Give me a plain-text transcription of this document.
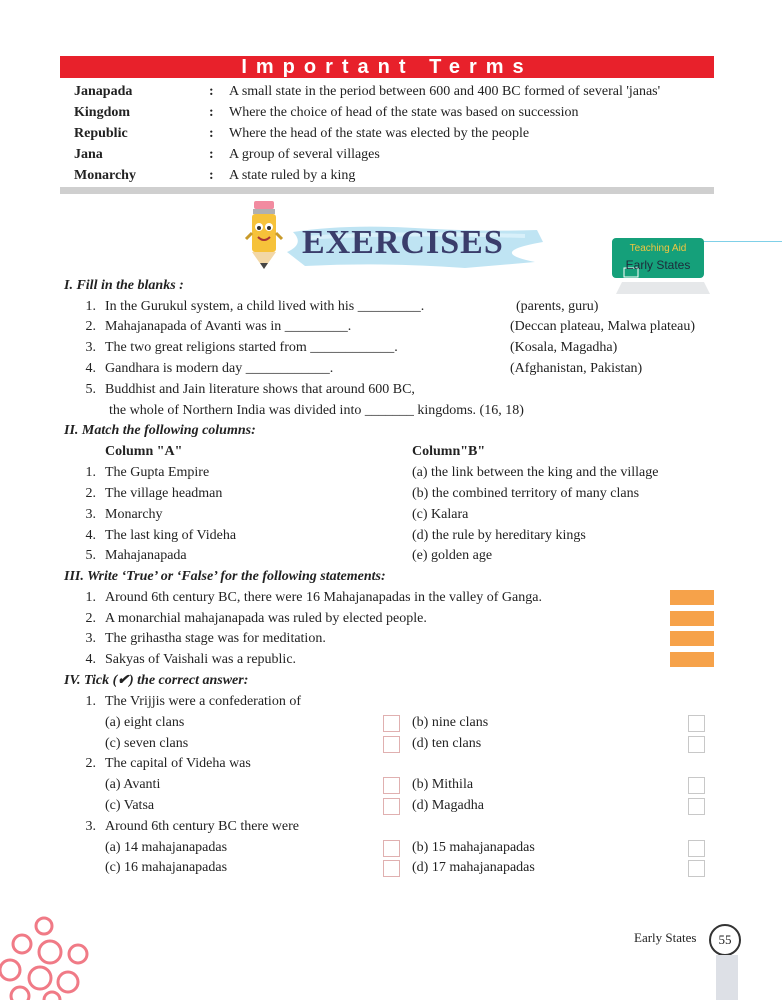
Important Terms
Janapada	: A small state in the period between 600 and 400 BC formed of several 'janas'
Kingdom	: Where the choice of head of the state was based on succession
Republic	: Where the head of the state was elected by the people
Jana	: A group of several villages
Monarchy	: A state ruled by a king
EXERCISES	Teaching Aid
Early States
I. Fill in the blanks :
1. In the Gurukul system, a child lived with his _________.	(parents, guru)
2. Mahajanapada of Avanti was in _________.	(Deccan plateau, Malwa plateau)
3. The two great religions started from ____________.	(Kosala, Magadha)
4. Gandhara is modern day ____________.	(Afghanistan, Pakistan)
5. Buddhist and Jain literature shows that around 600 BC,
the whole of Northern India was divided into _______ kingdoms. (16, 18)
II. Match the following columns:
Column "A"	Column"B"
1. The Gupta Empire	(a) the link between the king and the village
2. The village headman	(b) the combined territory of many clans
3. Monarchy	(c) Kalara
4. The last king of Videha	(d) the rule by hereditary kings
5. Mahajanapada	(e) golden age
III. Write ‘True’ or ‘False’ for the following statements:
1. Around 6th century BC, there were 16 Mahajanapadas in the valley of Ganga.
2. A monarchial mahajanapada was ruled by elected people.
3. The grihastha stage was for meditation.
4. Sakyas of Vaishali was a republic.
IV. Tick (✔) the correct answer:
1. The Vrijjis were a confederation of
(a) eight clans	(b) nine clans
(c) seven clans	(d) ten clans
2. The capital of Videha was
(a) Avanti	(b) Mithila
(c) Vatsa	(d) Magadha
3. Around 6th century BC there were
(a) 14 mahajanapadas	(b) 15 mahajanapadas
(c) 16 mahajanapadas	(d) 17 mahajanapadas
Early States	55
